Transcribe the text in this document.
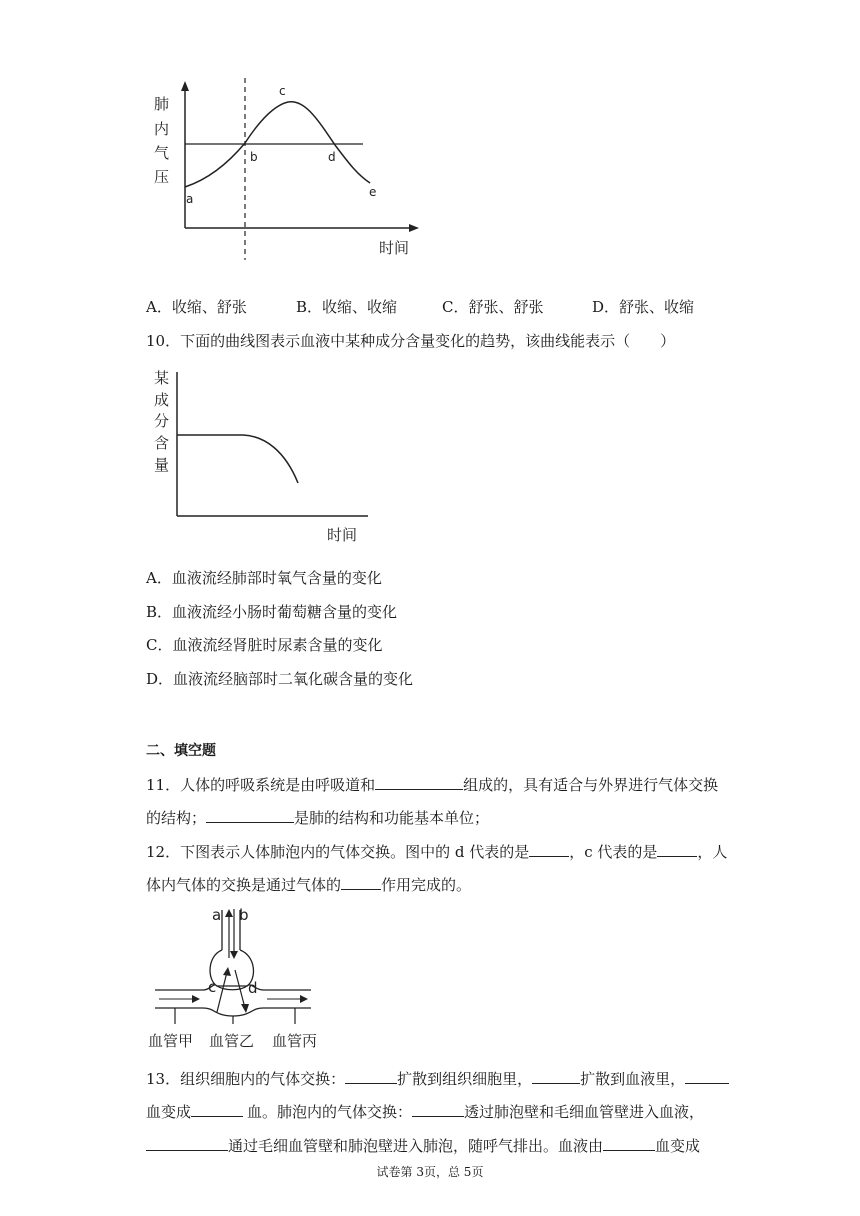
肺
内
气
压
a
b
c
d
e
时间
A．收缩、舒张	B．收缩、收缩	C．舒张、舒张	D．舒张、收缩
10．下面的曲线图表示血液中某种成分含量变化的趋势，该曲线能表示（　　）
某
成
分
含
量
时间
A．血液流经肺部时氧气含量的变化
B．血液流经小肠时葡萄糖含量的变化
C．血液流经肾脏时尿素含量的变化
D．血液流经脑部时二氧化碳含量的变化
二、填空题
11．人体的呼吸系统是由呼吸道和	组成的，具有适合与外界进行气体交换
的结构；	是肺的结构和功能基本单位；
12．下图表示人体肺泡内的气体交换。图中的 d 代表的是	，c 代表的是	，人
体内气体的交换是通过气体的	作用完成的。
a b
c d
血管甲 血管乙 血管丙
13．组织细胞内的气体交换：	扩散到组织细胞里，	扩散到血液里，
血变成	血。肺泡内的气体交换：	透过肺泡壁和毛细血管壁进入血液，
通过毛细血管壁和肺泡壁进入肺泡，随呼气排出。血液由	血变成
试卷第 3页，总 5页
